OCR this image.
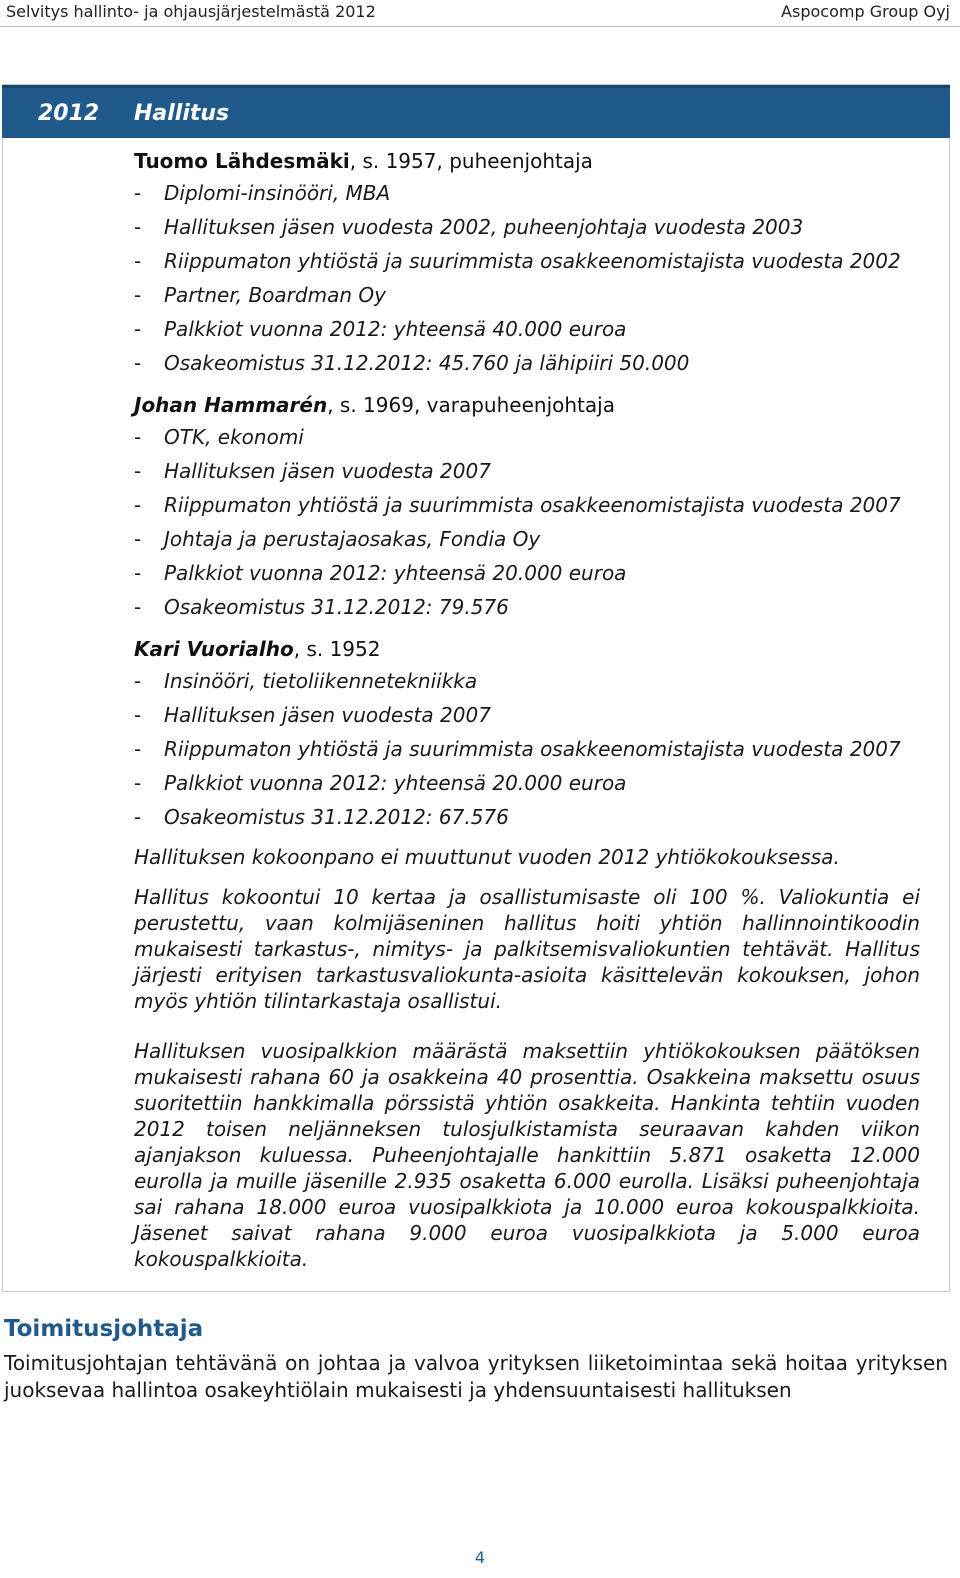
Selvitys hallinto- ja ohjausjärjestelmästä 2012	Aspocomp Group Oyj
2012 Hallitus

Tuomo Lähdesmäki, s. 1957, puheenjohtaja

- Diplomi-insinööri, MBA
- Hallituksen jäsen vuodesta 2002, puheenjohtaja vuodesta 2003
- Riippumaton yhtiöstä ja suurimmista osakkeenomistajista vuodesta 2002
- Partner, Boardman Oy
- Palkkiot vuonna 2012: yhteensä 40.000 euroa
- Osakeomistus 31.12.2012: 45.760 ja lähipiiri 50.000

Johan Hammarén, s. 1969, varapuheenjohtaja

- OTK, ekonomi
- Hallituksen jäsen vuodesta 2007
- Riippumaton yhtiöstä ja suurimmista osakkeenomistajista vuodesta 2007
- Johtaja ja perustajaosakas, Fondia Oy
- Palkkiot vuonna 2012: yhteensä 20.000 euroa
- Osakeomistus 31.12.2012: 79.576

Kari Vuorialho, s. 1952

- Insinööri, tietoliikennetekniikka
- Hallituksen jäsen vuodesta 2007
- Riippumaton yhtiöstä ja suurimmista osakkeenomistajista vuodesta 2007
- Palkkiot vuonna 2012: yhteensä 20.000 euroa
- Osakeomistus 31.12.2012: 67.576

Hallituksen kokoonpano ei muuttunut vuoden 2012 yhtiökokouksessa.

Hallitus kokoontui 10 kertaa ja osallistumisaste oli 100 %. Valiokuntia ei perustettu, vaan kolmijäseninen hallitus hoiti yhtiön hallinnointikoodin mukaisesti tarkastus-, nimitys- ja palkitsemisvaliokuntien tehtävät. Hallitus järjesti erityisen tarkastusvaliokunta-asioita käsittelevän kokouksen, johon myös yhtiön tilintarkastaja osallistui.

Hallituksen vuosipalkkion määrästä maksettiin yhtiökokouksen päätöksen mukaisesti rahana 60 ja osakkeina 40 prosenttia. Osakkeina maksettu osuus suoritettiin hankkimalla pörssistä yhtiön osakkeita. Hankinta tehtiin vuoden 2012 toisen neljänneksen tulosjulkistamista seuraavan kahden viikon ajanjakson kuluessa. Puheenjohtajalle hankittiin 5.871 osaketta 12.000 eurolla ja muille jäsenille 2.935 osaketta 6.000 eurolla. Lisäksi puheenjohtaja sai rahana 18.000 euroa vuosipalkkiota ja 10.000 euroa kokouspalkkioita. Jäsenet saivat rahana 9.000 euroa vuosipalkkiota ja 5.000 euroa kokouspalkkioita.

Toimitusjohtaja
Toimitusjohtajan tehtävänä on johtaa ja valvoa yrityksen liiketoimintaa sekä hoitaa yrityksen juoksevaa hallintoa osakeyhtiölain mukaisesti ja yhdensuuntaisesti hallituksen
4
